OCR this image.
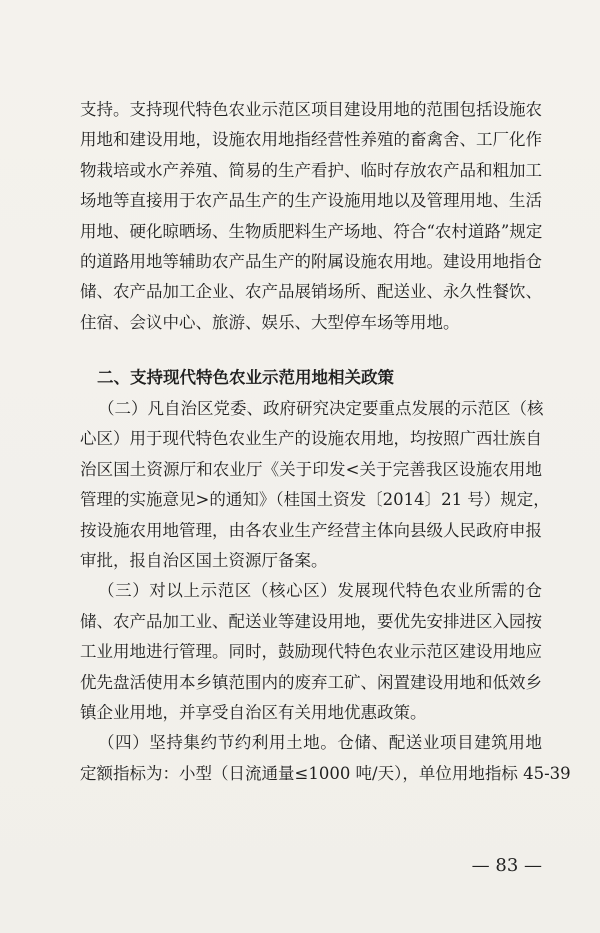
支持。支持现代特色农业示范区项目建设用地的范围包括设施农
用地和建设用地，设施农用地指经营性养殖的畜禽舍、工厂化作
物栽培或水产养殖、简易的生产看护、临时存放农产品和粗加工
场地等直接用于农产品生产的生产设施用地以及管理用地、生活
用地、硬化晾晒场、生物质肥料生产场地、符合“农村道路”规定
的道路用地等辅助农产品生产的附属设施农用地。建设用地指仓
储、农产品加工企业、农产品展销场所、配送业、永久性餐饮、
住宿、会议中心、旅游、娱乐、大型停车场等用地。
二、支持现代特色农业示范用地相关政策
（二）凡自治区党委、政府研究决定要重点发展的示范区（核
心区）用于现代特色农业生产的设施农用地，均按照广西壮族自
治区国土资源厅和农业厅《关于印发<关于完善我区设施农用地
管理的实施意见>的通知》（桂国土资发〔2014〕21 号）规定，
按设施农用地管理，由各农业生产经营主体向县级人民政府申报
审批，报自治区国土资源厅备案。
（三）对以上示范区（核心区）发展现代特色农业所需的仓
储、农产品加工业、配送业等建设用地，要优先安排进区入园按
工业用地进行管理。同时，鼓励现代特色农业示范区建设用地应
优先盘活使用本乡镇范围内的废弃工矿、闲置建设用地和低效乡
镇企业用地，并享受自治区有关用地优惠政策。
（四）坚持集约节约利用土地。仓储、配送业项目建筑用地
定额指标为：小型（日流通量≤1000 吨/天），单位用地指标 45-39
— 83 —
